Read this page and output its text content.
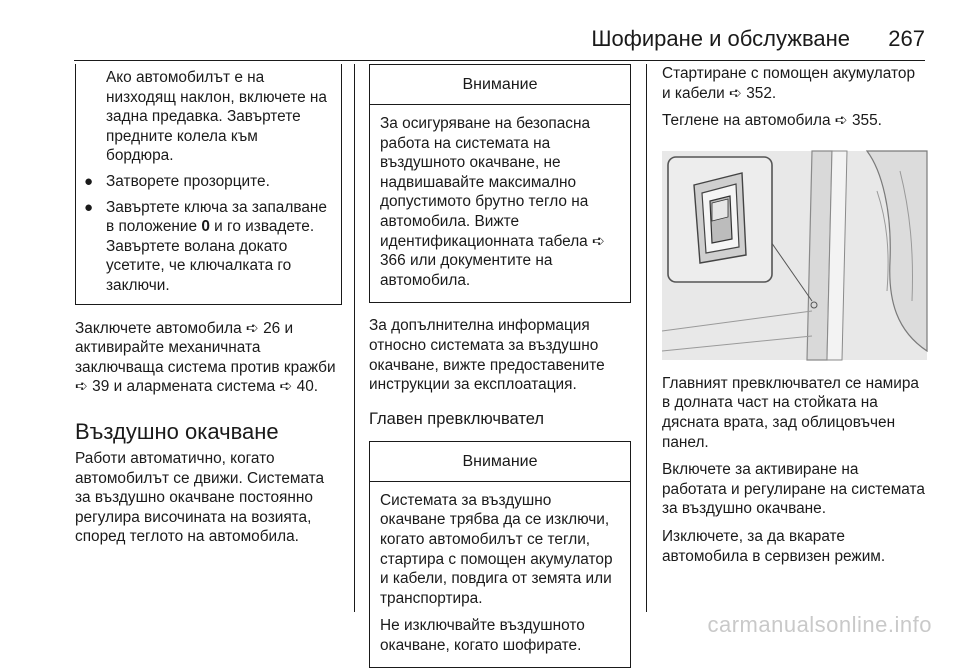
Шофиране и обслужване 267

Ако автомобилът е на низходящ наклон, включете на задна предавка. Завъртете предните колела към бордюра.

● Затворете прозорците.

● Завъртете ключа за запалване в положение 0 и го извадете. Завъртете волана докато усетите, че ключалката го заключи.

Заключете автомобила ➪ 26 и активирайте механичната заключваща система против кражби ➪ 39 и алармената система ➪ 40.

Въздушно окачване

Работи автоматично, когато автомобилът се движи. Системата за въздушно окачване постоянно регулира височината на возията, според теглото на автомобила.

Внимание

За осигуряване на безопасна работа на системата на въздушното окачване, не надвишавайте максимално допустимото брутно тегло на автомобила. Вижте идентификационната табела ➪ 366 или документите на автомобила.

За допълнителна информация относно системата за въздушно окачване, вижте предоставените инструкции за експлоатация.

Главен превключвател
Внимание

Системата за въздушно окачване трябва да се изключи, когато автомобилът се тегли, стартира с помощен акумулатор и кабели, повдига от земята или транспортира.

Не изключвайте въздушното окачване, когато шофирате.

Стартиране с помощен акумулатор и кабели ➪ 352.

Теглене на автомобила ➪ 355.

Главният превключвател се намира в долната част на стойката на дясната врата, зад облицовъчен панел.

Включете за активиране на работата и регулиране на системата за въздушно окачване.

Изключете, за да вкарате автомобила в сервизен режим.

carmanualsonline.info
